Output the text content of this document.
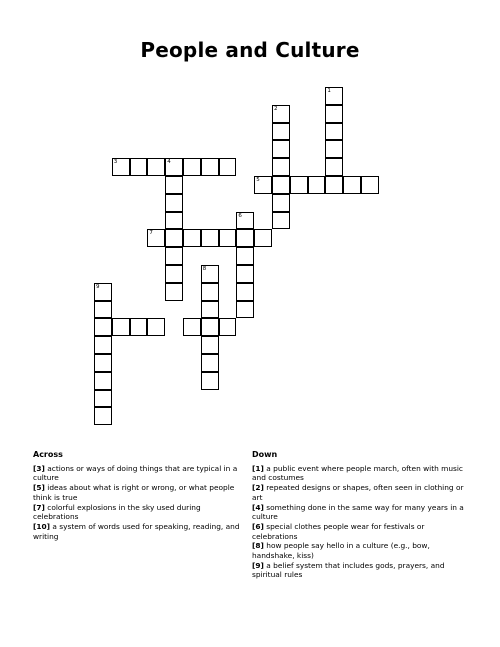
People and Culture
1
2
3	4
5
6
7
8
9
Across

[3] actions or ways of doing things that are typical in a culture

[5] ideas about what is right or wrong, or what people think is true

[7] colorful explosions in the sky used during celebrations

[10] a system of words used for speaking, reading, and writing

Down

[1] a public event where people march, often with music and costumes

[2] repeated designs or shapes, often seen in clothing or art

[4] something done in the same way for many years in a culture

[6] special clothes people wear for festivals or celebrations

[8] how people say hello in a culture (e.g., bow, handshake, kiss)

[9] a belief system that includes gods, prayers, and spiritual rules
